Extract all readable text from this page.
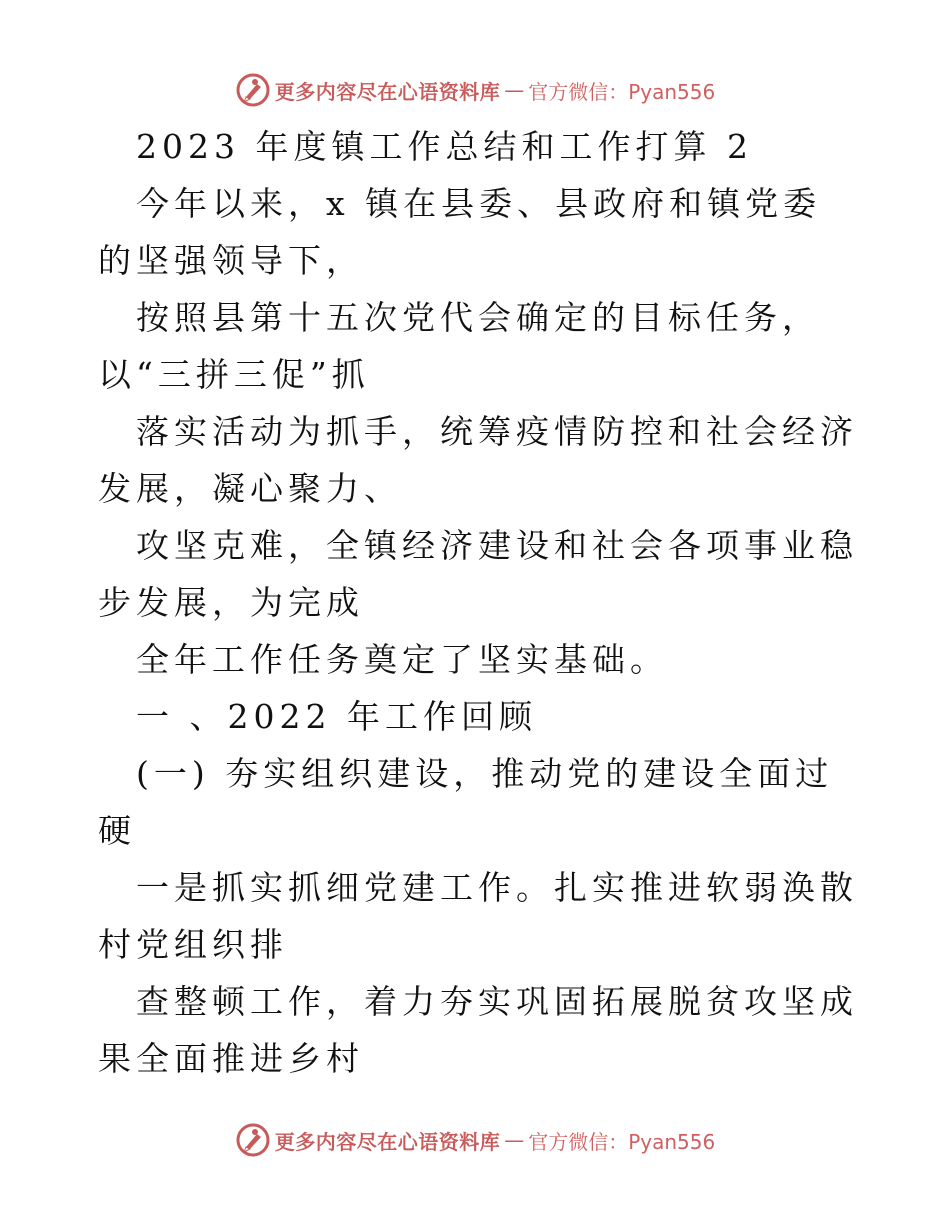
更多内容尽在心语资料库 — 官方微信：Pyan556

2023 年度镇工作总结和工作打算 2

今年以来，x 镇在县委、县政府和镇党委的坚强领导下，

按照县第十五次党代会确定的目标任务，以“三拼三促”抓

落实活动为抓手，统筹疫情防控和社会经济发展，凝心聚力、

攻坚克难，全镇经济建设和社会各项事业稳步发展，为完成

全年工作任务奠定了坚实基础。

一 、2022 年工作回顾

(一) 夯实组织建设，推动党的建设全面过硬

一是抓实抓细党建工作。扎实推进软弱涣散村党组织排

查整顿工作，着力夯实巩固拓展脱贫攻坚成果全面推进乡村

更多内容尽在心语资料库 — 官方微信：Pyan556
